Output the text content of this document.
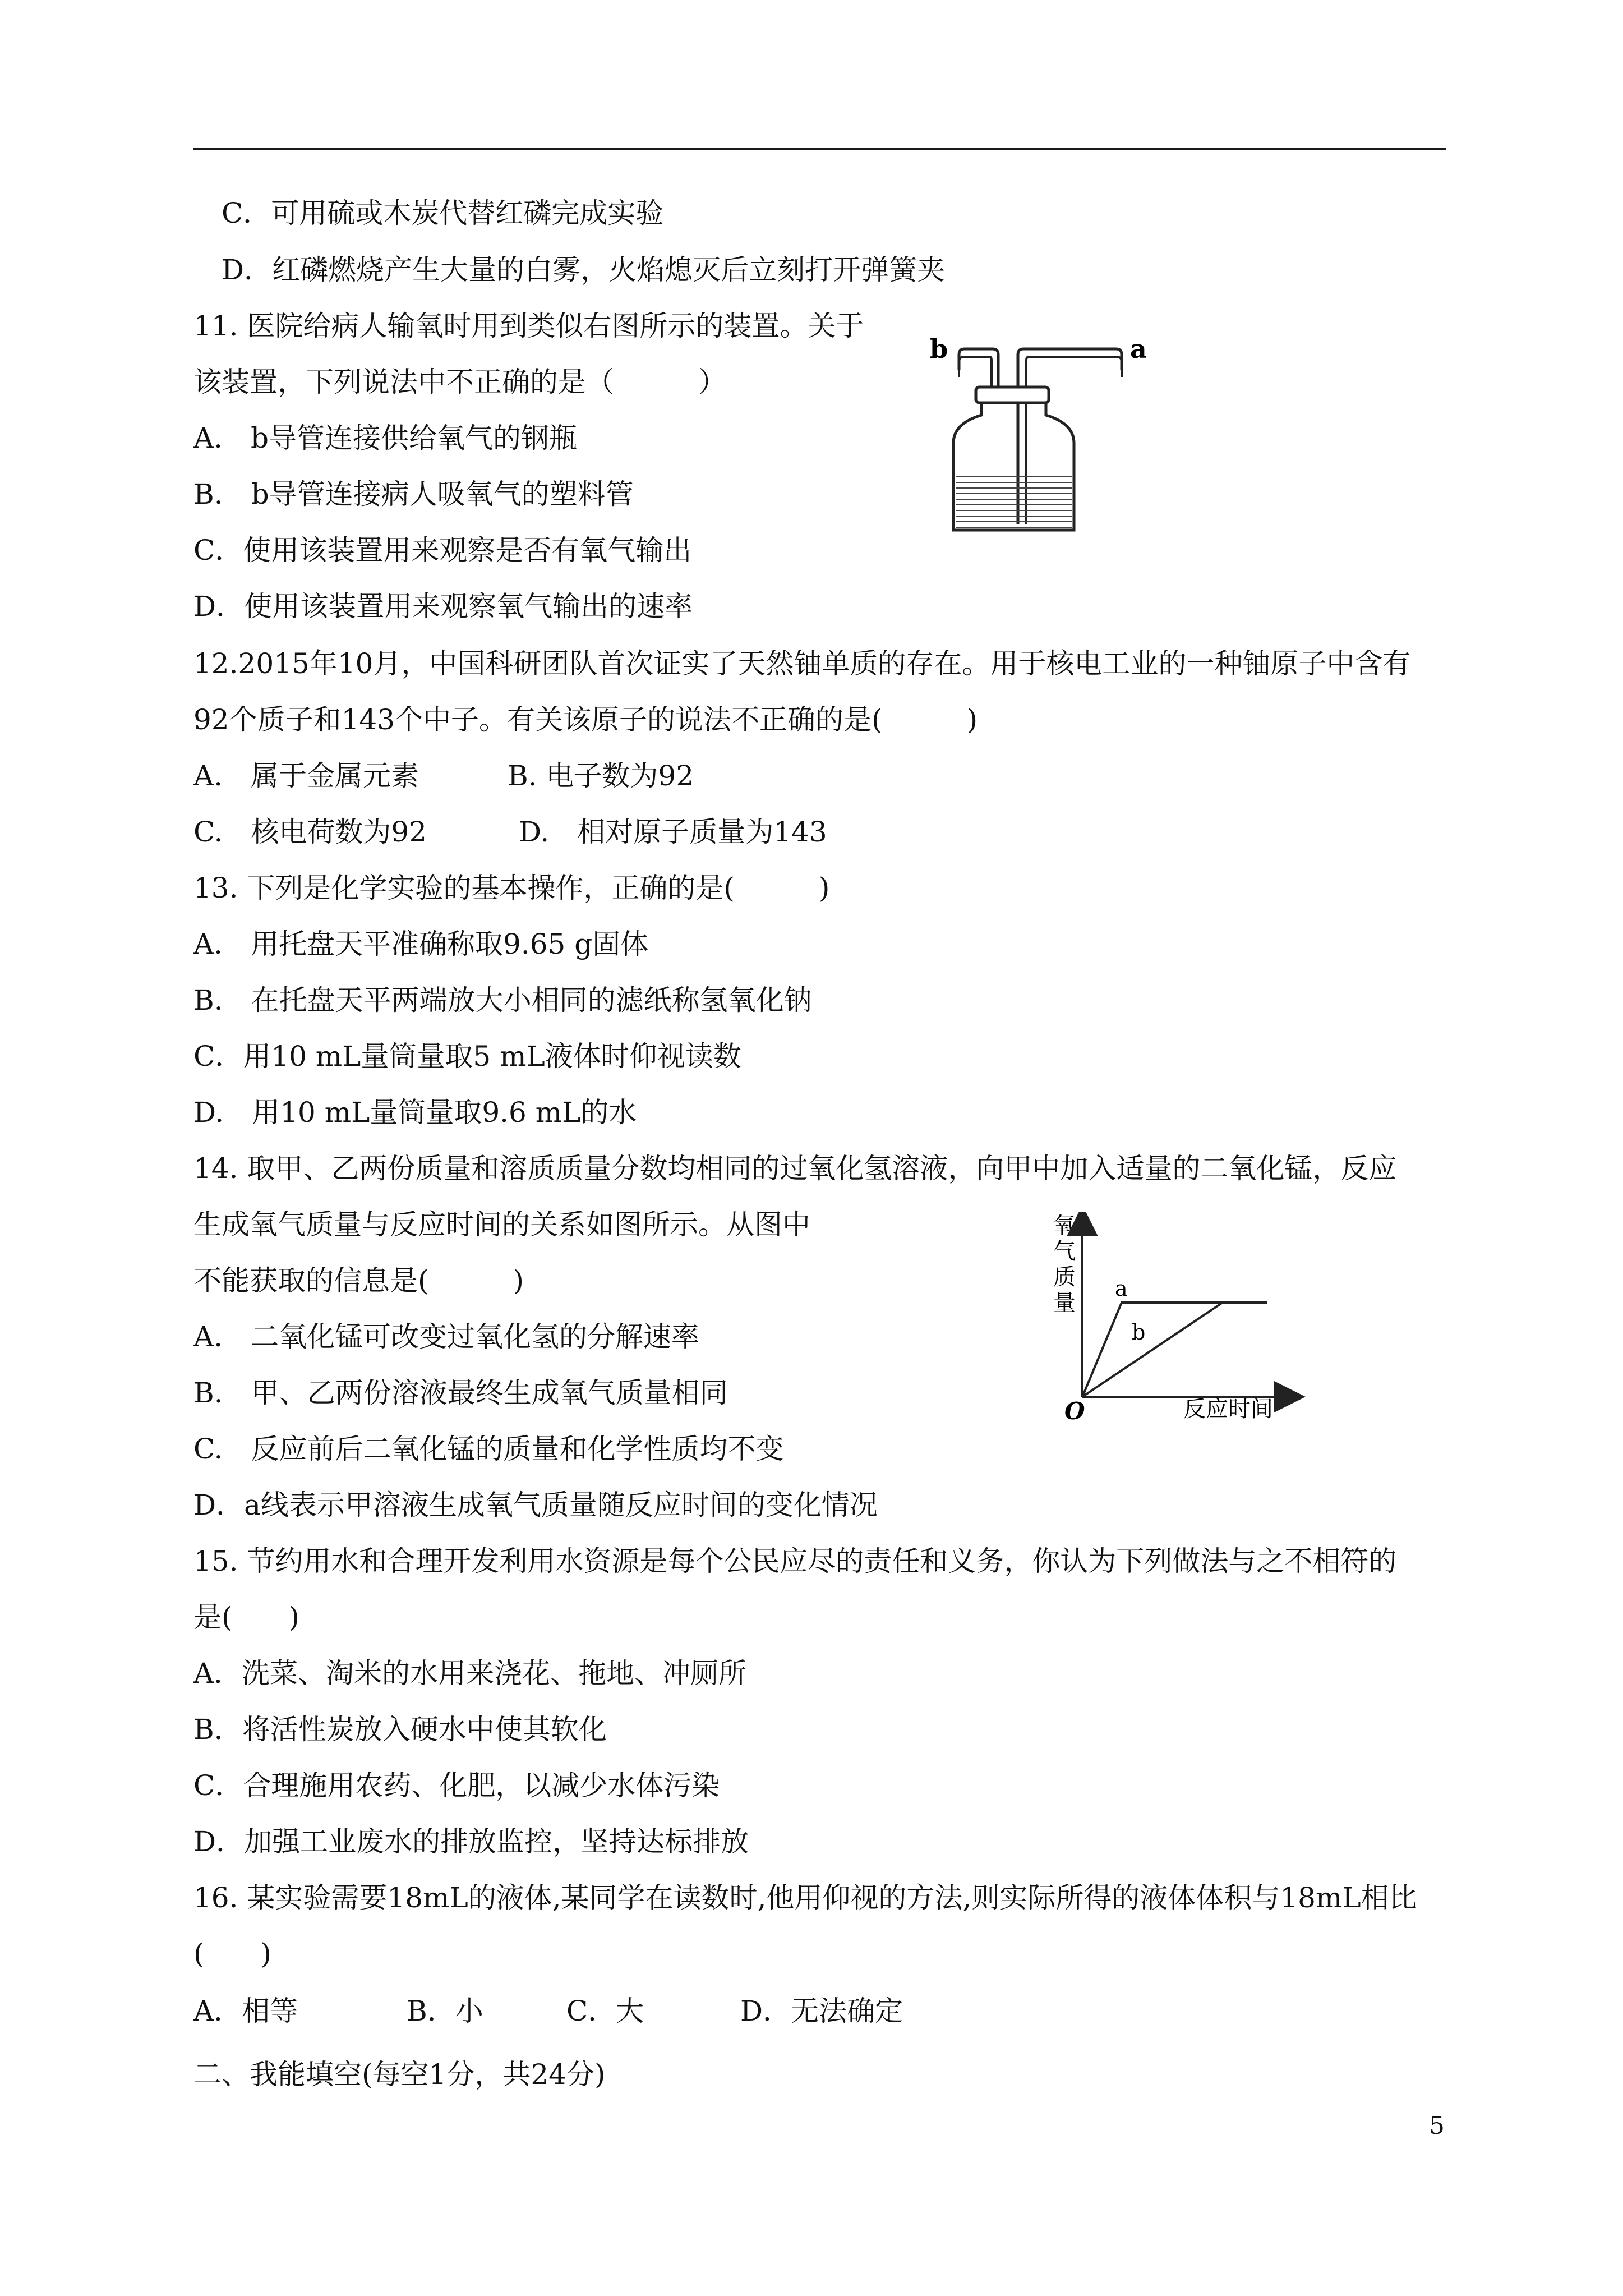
C．可用硫或木炭代替红磷完成实验
D．红磷燃烧产生大量的白雾，火焰熄灭后立刻打开弹簧夹
11. 医院给病人输氧时用到类似右图所示的装置。关于
该装置，下列说法中不正确的是（　　　）
A.　b导管连接供给氧气的钢瓶
B.　b导管连接病人吸氧气的塑料管
C．使用该装置用来观察是否有氧气输出
D．使用该装置用来观察氧气输出的速率
b	a
12.2015年10月，中国科研团队首次证实了天然铀单质的存在。用于核电工业的一种铀原子中含有
92个质子和143个中子。有关该原子的说法不正确的是(　　　)
A.　属于金属元素	B. 电子数为92
C.　核电荷数为92	D.　相对原子质量为143
13. 下列是化学实验的基本操作，正确的是(　　　)
A.　用托盘天平准确称取9.65 g固体
B.　在托盘天平两端放大小相同的滤纸称氢氧化钠
C．用10 mL量筒量取5 mL液体时仰视读数
D.　用10 mL量筒量取9.6 mL的水
14. 取甲、乙两份质量和溶质质量分数均相同的过氧化氢溶液，向甲中加入适量的二氧化锰，反应
生成氧气质量与反应时间的关系如图所示。从图中
不能获取的信息是(　　　)
A.　二氧化锰可改变过氧化氢的分解速率
B.　甲、乙两份溶液最终生成氧气质量相同
C.　反应前后二氧化锰的质量和化学性质均不变
D．a线表示甲溶液生成氧气质量随反应时间的变化情况
氧
气
质
量
O	反应时间
a
b
15. 节约用水和合理开发利用水资源是每个公民应尽的责任和义务，你认为下列做法与之不相符的
是(　　)
A．洗菜、淘米的水用来浇花、拖地、冲厕所
B．将活性炭放入硬水中使其软化
C．合理施用农药、化肥，以减少水体污染
D．加强工业废水的排放监控，坚持达标排放
16. 某实验需要18mL的液体,某同学在读数时,他用仰视的方法,则实际所得的液体体积与18mL相比
(　　)
A．相等	B．小	C．大	D．无法确定
二、我能填空(每空1分，共24分)
5
